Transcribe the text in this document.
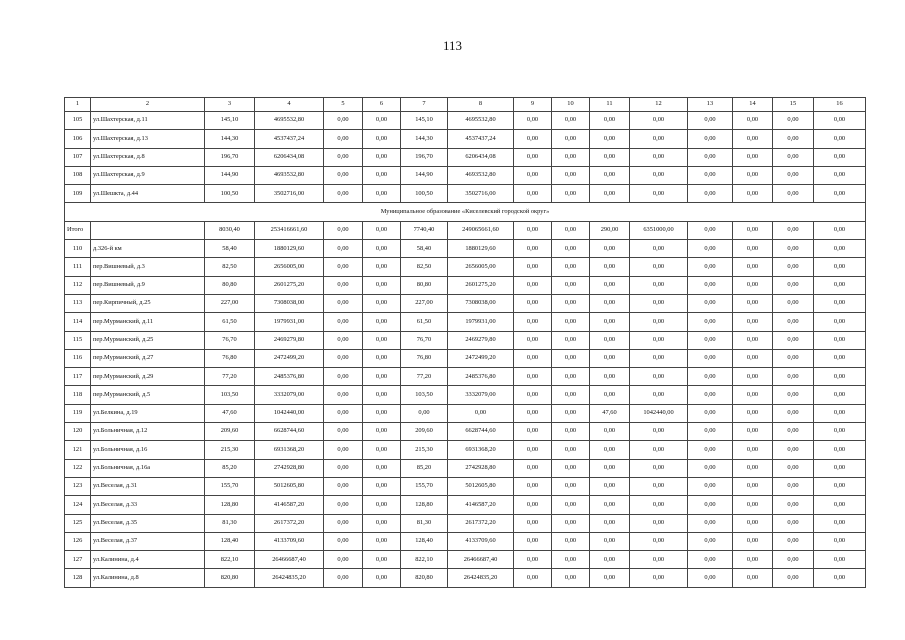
113
1	2	3	4	5	6	7	8	9	10	11	12	13	14	15	16
105	ул.Шахтерская, д.11	145,10	4695532,80	0,00	0,00	145,10	4695532,80	0,00	0,00	0,00	0,00	0,00	0,00	0,00	0,00
106	ул.Шахтерская, д.13	144,30	4537437,24	0,00	0,00	144,30	4537437,24	0,00	0,00	0,00	0,00	0,00	0,00	0,00	0,00
107	ул.Шахтерская, д.8	196,70	6206434,08	0,00	0,00	196,70	6206434,08	0,00	0,00	0,00	0,00	0,00	0,00	0,00	0,00
108	ул.Шахтерская, д.9	144,90	4693532,80	0,00	0,00	144,90	4693532,80	0,00	0,00	0,00	0,00	0,00	0,00	0,00	0,00
109	ул.Шешкта, д.44	100,50	3502716,00	0,00	0,00	100,50	3502716,00	0,00	0,00	0,00	0,00	0,00	0,00	0,00	0,00
Муниципальное образование «Киселевский городской округ»															
Итого		8030,40	253416661,60	0,00	0,00	7740,40	249065661,60	0,00	0,00	290,00	6351000,00	0,00	0,00	0,00	0,00
110	д.326-й км	58,40	1880129,60	0,00	0,00	58,40	1880129,60	0,00	0,00	0,00	0,00	0,00	0,00	0,00	0,00
111	пер.Вишневый, д.3	82,50	2656005,00	0,00	0,00	82,50	2656005,00	0,00	0,00	0,00	0,00	0,00	0,00	0,00	0,00
112	пер.Вишневый, д.9	80,80	2601275,20	0,00	0,00	80,80	2601275,20	0,00	0,00	0,00	0,00	0,00	0,00	0,00	0,00
113	пер.Кирпичный, д.25	227,00	7308038,00	0,00	0,00	227,00	7308038,00	0,00	0,00	0,00	0,00	0,00	0,00	0,00	0,00
114	пер.Мурманский, д.11	61,50	1979931,00	0,00	0,00	61,50	1979931,00	0,00	0,00	0,00	0,00	0,00	0,00	0,00	0,00
115	пер.Мурманский, д.25	76,70	2469279,80	0,00	0,00	76,70	2469279,80	0,00	0,00	0,00	0,00	0,00	0,00	0,00	0,00
116	пер.Мурманский, д.27	76,80	2472499,20	0,00	0,00	76,80	2472499,20	0,00	0,00	0,00	0,00	0,00	0,00	0,00	0,00
117	пер.Мурманский, д.29	77,20	2485376,80	0,00	0,00	77,20	2485376,80	0,00	0,00	0,00	0,00	0,00	0,00	0,00	0,00
118	пер.Мурманский, д.5	103,50	3332079,00	0,00	0,00	103,50	3332079,00	0,00	0,00	0,00	0,00	0,00	0,00	0,00	0,00
119	ул.Белкина, д.19	47,60	1042440,00	0,00	0,00	0,00	0,00	0,00	0,00	47,60	1042440,00	0,00	0,00	0,00	0,00
120	ул.Больничная, д.12	209,60	6628744,60	0,00	0,00	209,60	6628744,60	0,00	0,00	0,00	0,00	0,00	0,00	0,00	0,00
121	ул.Больничная, д.16	215,30	6931368,20	0,00	0,00	215,30	6931368,20	0,00	0,00	0,00	0,00	0,00	0,00	0,00	0,00
122	ул.Больничная, д.16а	85,20	2742928,80	0,00	0,00	85,20	2742928,80	0,00	0,00	0,00	0,00	0,00	0,00	0,00	0,00
123	ул.Веселая, д.31	155,70	5012605,80	0,00	0,00	155,70	5012605,80	0,00	0,00	0,00	0,00	0,00	0,00	0,00	0,00
124	ул.Веселая, д.33	128,80	4146587,20	0,00	0,00	128,80	4146587,20	0,00	0,00	0,00	0,00	0,00	0,00	0,00	0,00
125	ул.Веселая, д.35	81,30	2617372,20	0,00	0,00	81,30	2617372,20	0,00	0,00	0,00	0,00	0,00	0,00	0,00	0,00
126	ул.Веселая, д.37	128,40	4133709,60	0,00	0,00	128,40	4133709,60	0,00	0,00	0,00	0,00	0,00	0,00	0,00	0,00
127	ул.Калинина, д.4	822,10	26466687,40	0,00	0,00	822,10	26466687,40	0,00	0,00	0,00	0,00	0,00	0,00	0,00	0,00
128	ул.Калинина, д.8	820,80	26424835,20	0,00	0,00	820,80	26424835,20	0,00	0,00	0,00	0,00	0,00	0,00	0,00	0,00
